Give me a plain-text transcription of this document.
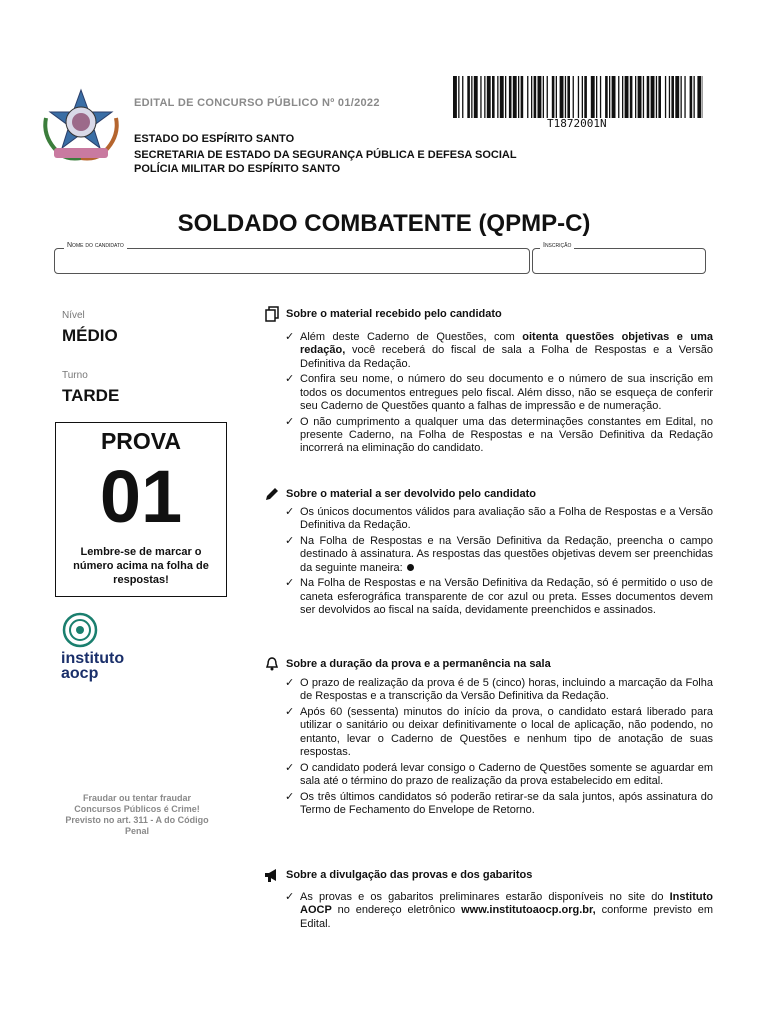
EDITAL DE CONCURSO PÚBLICO Nº 01/2022
ESTADO DO ESPÍRITO SANTO
SECRETARIA DE ESTADO DA SEGURANÇA PÚBLICA E DEFESA SOCIAL
POLÍCIA MILITAR DO ESPÍRITO SANTO
T1872001N
SOLDADO COMBATENTE (QPMP-C)
Nome do candidato	Inscrição
Nível
MÉDIO
Turno
TARDE
PROVA
01
Lembre-se de marcar o número acima na folha de respostas!
instituto
aocp
Fraudar ou tentar fraudar Concursos Públicos é Crime! Previsto no art. 311 - A do Código Penal
Sobre o material recebido pelo candidato
✓ Além deste Caderno de Questões, com oitenta questões objetivas e uma redação, você receberá do fiscal de sala a Folha de Respostas e a Versão Definitiva da Redação.
✓ Confira seu nome, o número do seu documento e o número de sua inscrição em todos os documentos entregues pelo fiscal. Além disso, não se esqueça de conferir seu Caderno de Questões quanto a falhas de impressão e de numeração.
✓ O não cumprimento a qualquer uma das determinações constantes em Edital, no presente Caderno, na Folha de Respostas e na Versão Definitiva da Redação incorrerá na eliminação do candidato.
Sobre o material a ser devolvido pelo candidato
✓ Os únicos documentos válidos para avaliação são a Folha de Respostas e a Versão Definitiva da Redação.
✓ Na Folha de Respostas e na Versão Definitiva da Redação, preencha o campo destinado à assinatura. As respostas das questões objetivas devem ser preenchidas da seguinte maneira:
✓ Na Folha de Respostas e na Versão Definitiva da Redação, só é permitido o uso de caneta esferográfica transparente de cor azul ou preta. Esses documentos devem ser devolvidos ao fiscal na saída, devidamente preenchidos e assinados.
Sobre a duração da prova e a permanência na sala
✓ O prazo de realização da prova é de 5 (cinco) horas, incluindo a marcação da Folha de Respostas e a transcrição da Versão Definitiva da Redação.
✓ Após 60 (sessenta) minutos do início da prova, o candidato estará liberado para utilizar o sanitário ou deixar definitivamente o local de aplicação, não podendo, no entanto, levar o Caderno de Questões e nenhum tipo de anotação de suas respostas.
✓ O candidato poderá levar consigo o Caderno de Questões somente se aguardar em sala até o término do prazo de realização da prova estabelecido em edital.
✓ Os três últimos candidatos só poderão retirar-se da sala juntos, após assinatura do Termo de Fechamento do Envelope de Retorno.
Sobre a divulgação das provas e dos gabaritos
✓ As provas e os gabaritos preliminares estarão disponíveis no site do Instituto AOCP no endereço eletrônico www.institutoaocp.org.br, conforme previsto em Edital.
